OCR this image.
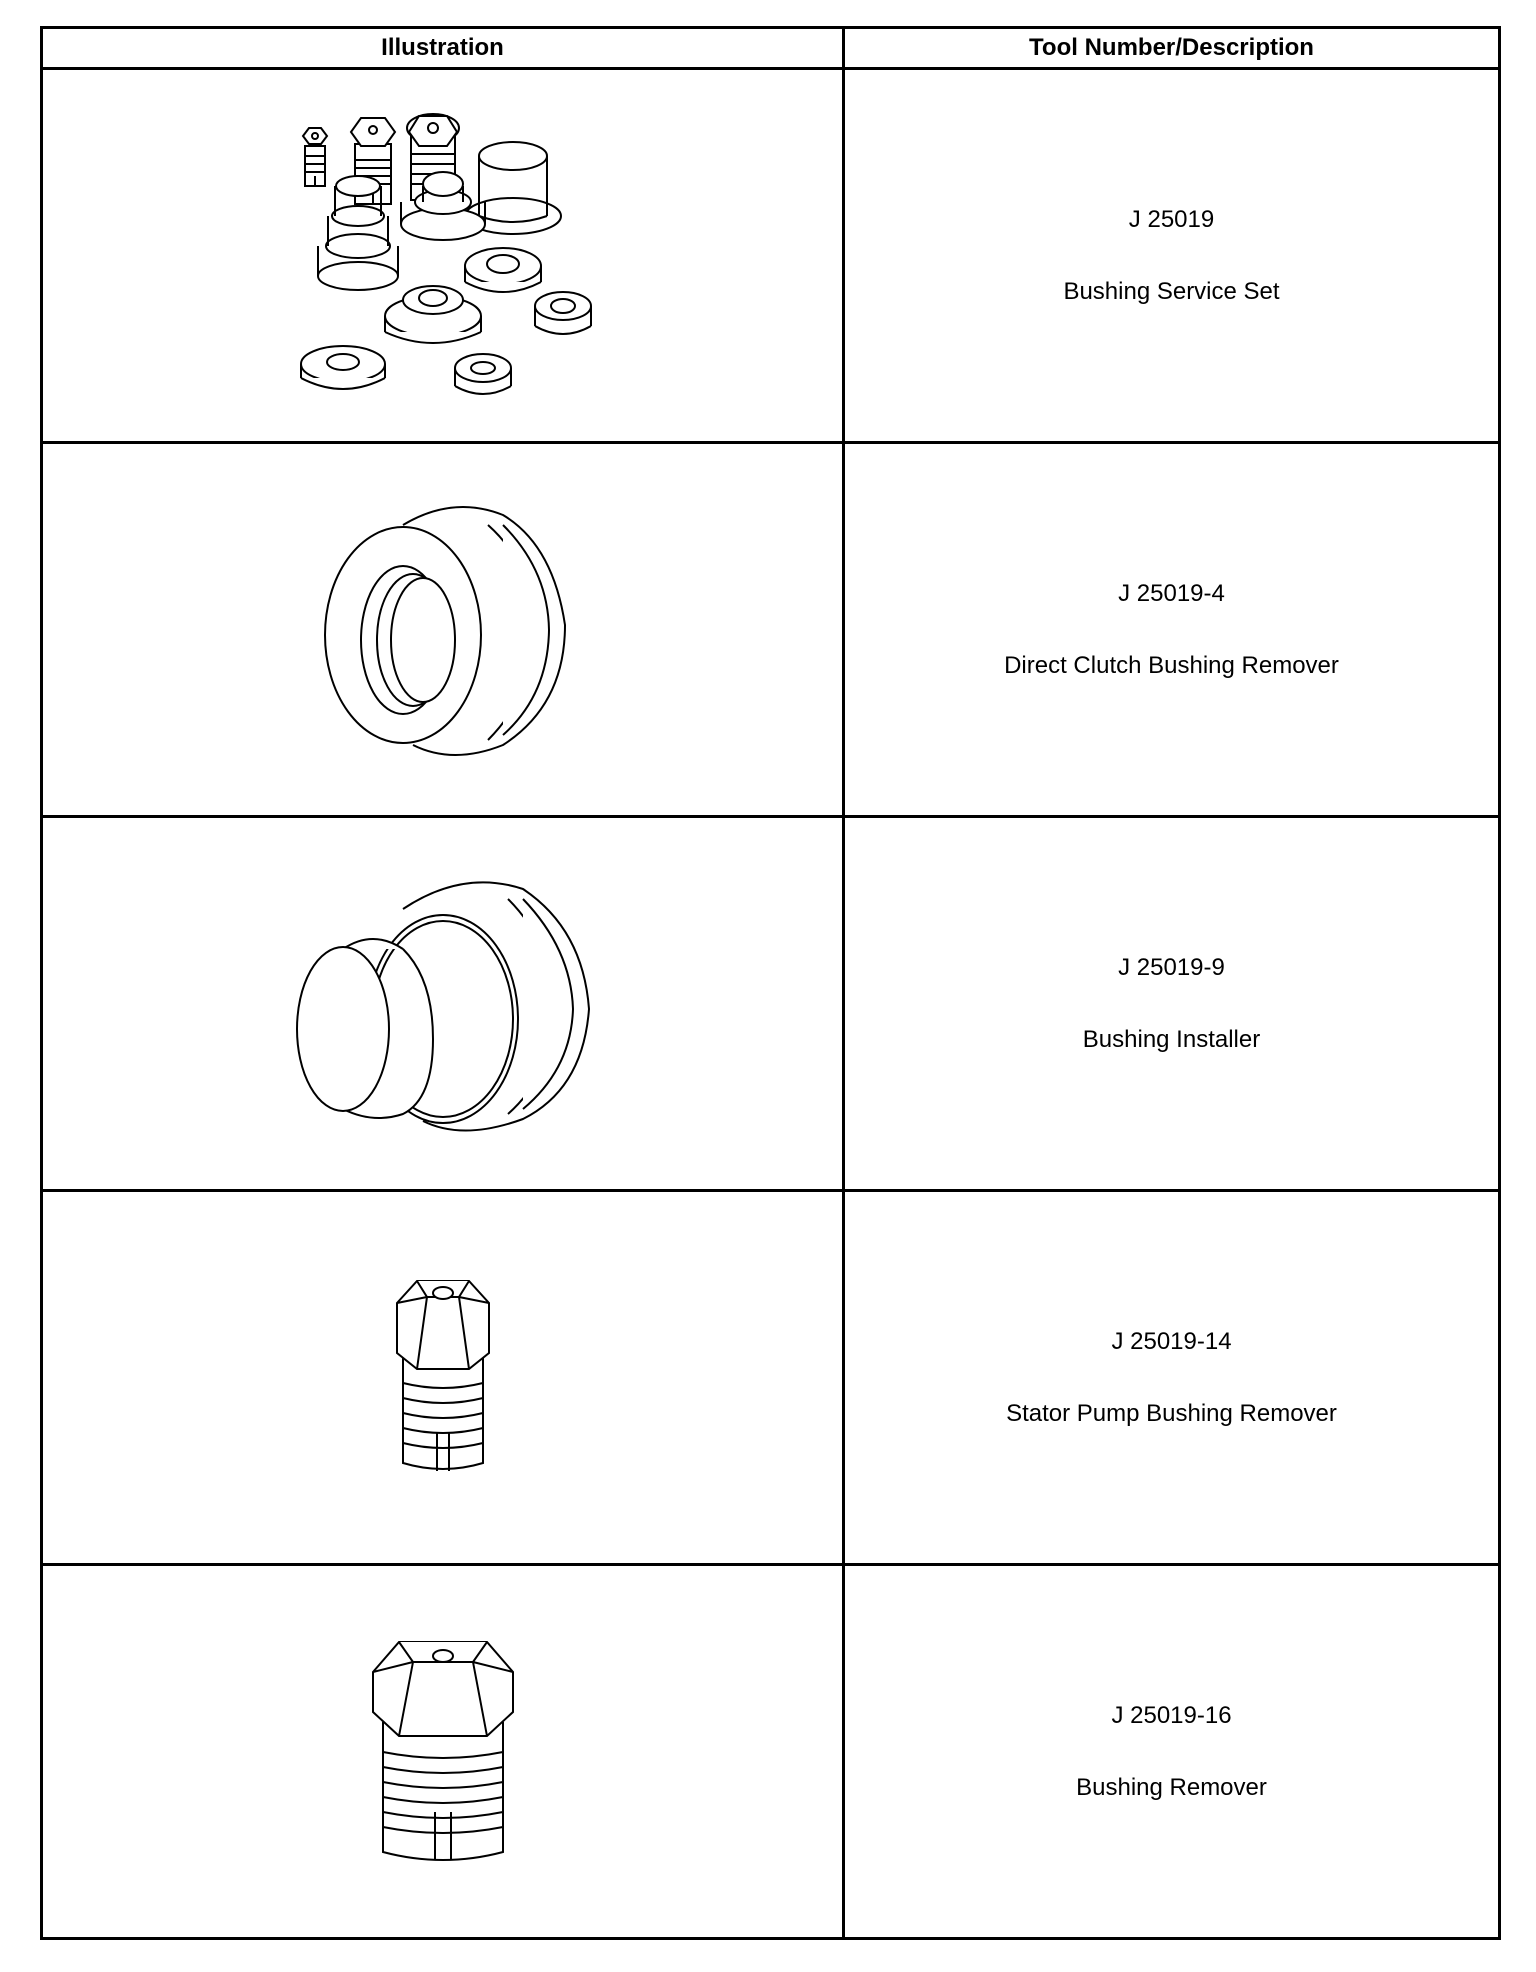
Illustration	Tool Number/Description

J 25019
Bushing Service Set

J 25019-4
Direct Clutch Bushing Remover

J 25019-9
Bushing Installer

J 25019-14
Stator Pump Bushing Remover

J 25019-16
Bushing Remover
